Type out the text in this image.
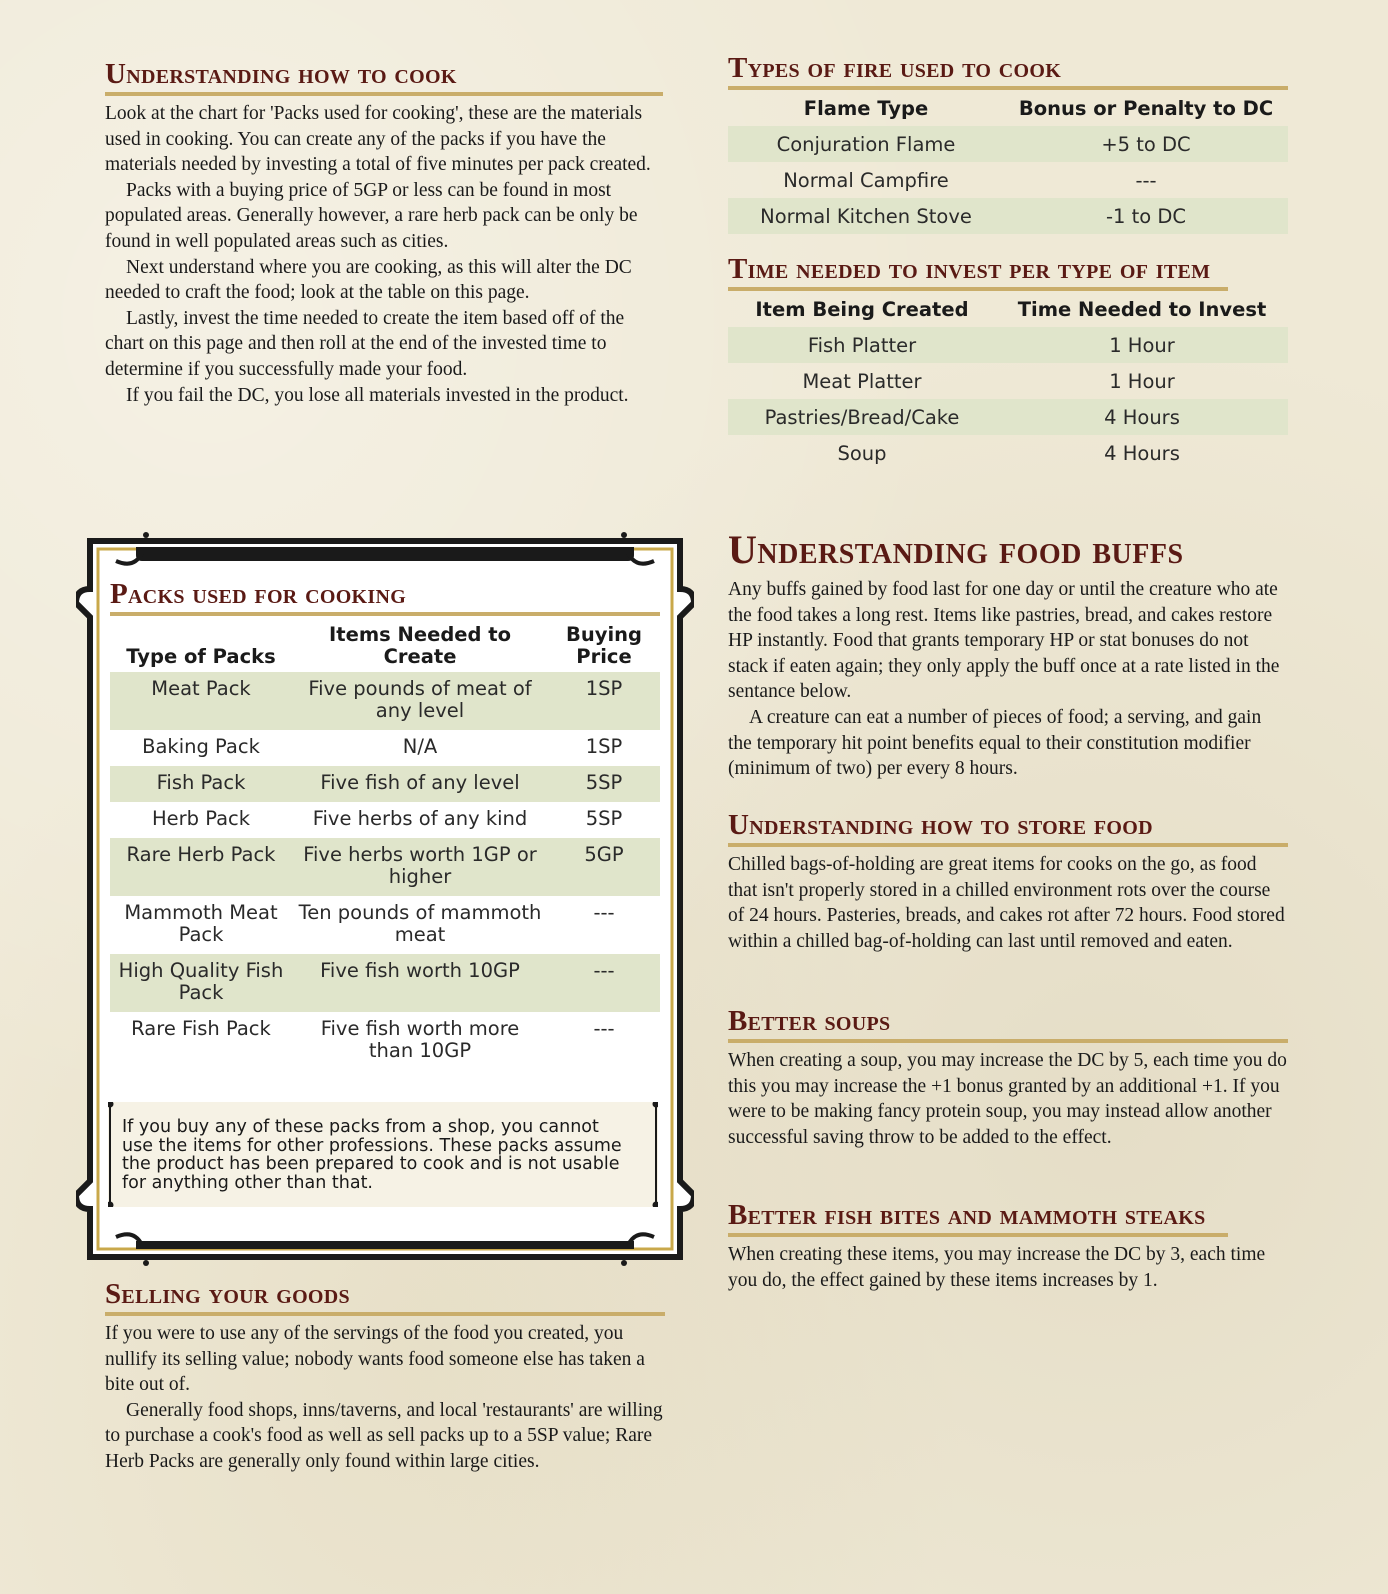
Understanding how to cook

Look at the chart for 'Packs used for cooking', these are the materials used in cooking. You can create any of the packs if you have the materials needed by investing a total of five minutes per pack created.

Packs with a buying price of 5GP or less can be found in most populated areas. Generally however, a rare herb pack can be only be found in well populated areas such as cities.

Next understand where you are cooking, as this will alter the DC needed to craft the food; look at the table on this page.

Lastly, invest the time needed to create the item based off of the chart on this page and then roll at the end of the invested time to determine if you successfully made your food.

If you fail the DC, you lose all materials invested in the product.

Packs used for cooking
Type of Packs	Items Needed to Create	Buying Price
Meat Pack	Five pounds of meat of any level	1SP
Baking Pack	N/A	1SP
Fish Pack	Five fish of any level	5SP
Herb Pack	Five herbs of any kind	5SP
Rare Herb Pack	Five herbs worth 1GP or higher	5GP
Mammoth Meat Pack	Ten pounds of mammoth meat	---
High Quality Fish Pack	Five fish worth 10GP	---
Rare Fish Pack	Five fish worth more than 10GP	---
If you buy any of these packs from a shop, you cannot use the items for other professions. These packs assume the product has been prepared to cook and is not usable for anything other than that.
Selling your goods

If you were to use any of the servings of the food you created, you nullify its selling value; nobody wants food someone else has taken a bite out of.

Generally food shops, inns/taverns, and local 'restaurants' are willing to purchase a cook's food as well as sell packs up to a 5SP value; Rare Herb Packs are generally only found within large cities.

Types of fire used to cook
Flame Type	Bonus or Penalty to DC
Conjuration Flame	+5 to DC
Normal Campfire	---
Normal Kitchen Stove	-1 to DC
Time needed to invest per type of item
Item Being Created	Time Needed to Invest
Fish Platter	1 Hour
Meat Platter	1 Hour
Pastries/Bread/Cake	4 Hours
Soup	4 Hours
Understanding food buffs

Any buffs gained by food last for one day or until the creature who ate the food takes a long rest. Items like pastries, bread, and cakes restore HP instantly. Food that grants temporary HP or stat bonuses do not stack if eaten again; they only apply the buff once at a rate listed in the sentance below.

A creature can eat a number of pieces of food; a serving, and gain the temporary hit point benefits equal to their constitution modifier (minimum of two) per every 8 hours.

Understanding how to store food

Chilled bags-of-holding are great items for cooks on the go, as food that isn't properly stored in a chilled environment rots over the course of 24 hours. Pasteries, breads, and cakes rot after 72 hours. Food stored within a chilled bag-of-holding can last until removed and eaten.

Better soups

When creating a soup, you may increase the DC by 5, each time you do this you may increase the +1 bonus granted by an additional +1. If you were to be making fancy protein soup, you may instead allow another successful saving throw to be added to the effect.

Better fish bites and mammoth steaks

When creating these items, you may increase the DC by 3, each time you do, the effect gained by these items increases by 1.
